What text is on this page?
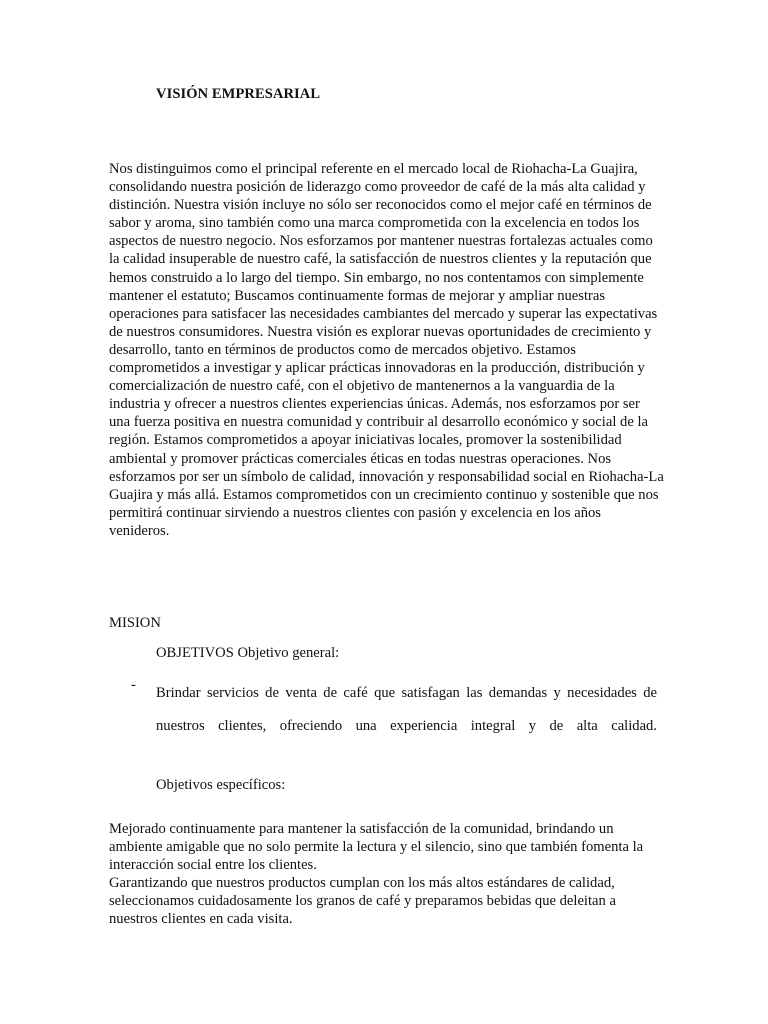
VISIÓN EMPRESARIAL

Nos distinguimos como el principal referente en el mercado local de Riohacha-La Guajira, consolidando nuestra posición de liderazgo como proveedor de café de la más alta calidad y distinción. Nuestra visión incluye no sólo ser reconocidos como el mejor café en términos de sabor y aroma, sino también como una marca comprometida con la excelencia en todos los aspectos de nuestro negocio. Nos esforzamos por mantener nuestras fortalezas actuales como la calidad insuperable de nuestro café, la satisfacción de nuestros clientes y la reputación que hemos construido a lo largo del tiempo. Sin embargo, no nos contentamos con simplemente mantener el estatuto; Buscamos continuamente formas de mejorar y ampliar nuestras operaciones para satisfacer las necesidades cambiantes del mercado y superar las expectativas de nuestros consumidores. Nuestra visión es explorar nuevas oportunidades de crecimiento y desarrollo, tanto en términos de productos como de mercados objetivo. Estamos comprometidos a investigar y aplicar prácticas innovadoras en la producción, distribución y comercialización de nuestro café, con el objetivo de mantenernos a la vanguardia de la industria y ofrecer a nuestros clientes experiencias únicas. Además, nos esforzamos por ser una fuerza positiva en nuestra comunidad y contribuir al desarrollo económico y social de la región. Estamos comprometidos a apoyar iniciativas locales, promover la sostenibilidad ambiental y promover prácticas comerciales éticas en todas nuestras operaciones. Nos esforzamos por ser un símbolo de calidad, innovación y responsabilidad social en Riohacha-La Guajira y más allá. Estamos comprometidos con un crecimiento continuo y sostenible que nos permitirá continuar sirviendo a nuestros clientes con pasión y excelencia en los años venideros.

MISION

OBJETIVOS Objetivo general:

- Brindar servicios de venta de café que satisfagan las demandas y necesidades de nuestros clientes, ofreciendo una experiencia integral y de alta calidad.

Objetivos específicos:

Mejorado continuamente para mantener la satisfacción de la comunidad, brindando un ambiente amigable que no solo permite la lectura y el silencio, sino que también fomenta la interacción social entre los clientes.

Garantizando que nuestros productos cumplan con los más altos estándares de calidad, seleccionamos cuidadosamente los granos de café y preparamos bebidas que deleitan a nuestros clientes en cada visita.
